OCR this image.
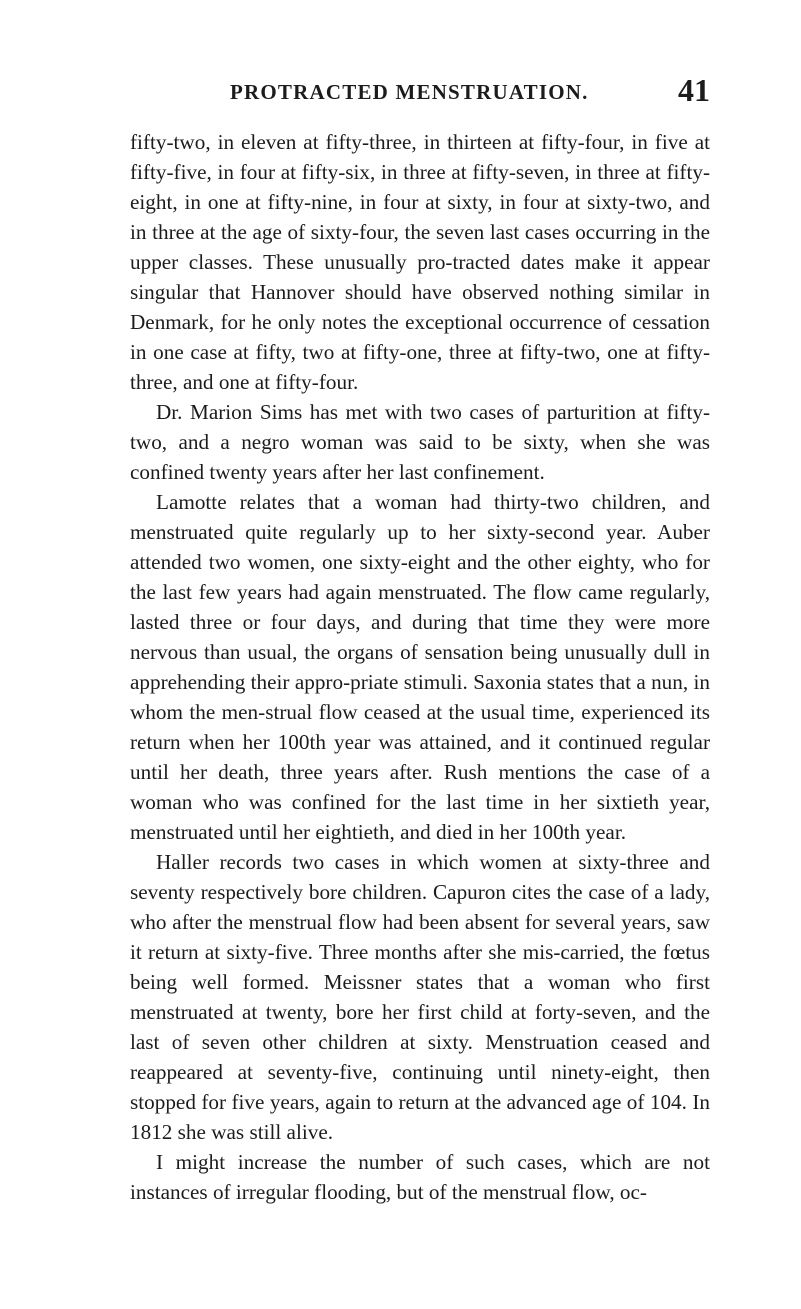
PROTRACTED MENSTRUATION.	41

fifty-two, in eleven at fifty-three, in thirteen at fifty-four, in five at fifty-five, in four at fifty-six, in three at fifty-seven, in three at fifty-eight, in one at fifty-nine, in four at sixty, in four at sixty-two, and in three at the age of sixty-four, the seven last cases occurring in the upper classes. These unusually pro-tracted dates make it appear singular that Hannover should have observed nothing similar in Denmark, for he only notes the exceptional occurrence of cessation in one case at fifty, two at fifty-one, three at fifty-two, one at fifty-three, and one at fifty-four.

Dr. Marion Sims has met with two cases of parturition at fifty-two, and a negro woman was said to be sixty, when she was confined twenty years after her last confinement.

Lamotte relates that a woman had thirty-two children, and menstruated quite regularly up to her sixty-second year. Auber attended two women, one sixty-eight and the other eighty, who for the last few years had again menstruated. The flow came regularly, lasted three or four days, and during that time they were more nervous than usual, the organs of sensation being unusually dull in apprehending their appro-priate stimuli. Saxonia states that a nun, in whom the men-strual flow ceased at the usual time, experienced its return when her 100th year was attained, and it continued regular until her death, three years after. Rush mentions the case of a woman who was confined for the last time in her sixtieth year, menstruated until her eightieth, and died in her 100th year.

Haller records two cases in which women at sixty-three and seventy respectively bore children. Capuron cites the case of a lady, who after the menstrual flow had been absent for several years, saw it return at sixty-five. Three months after she mis-carried, the fœtus being well formed. Meissner states that a woman who first menstruated at twenty, bore her first child at forty-seven, and the last of seven other children at sixty. Menstruation ceased and reappeared at seventy-five, continuing until ninety-eight, then stopped for five years, again to return at the advanced age of 104. In 1812 she was still alive.

I might increase the number of such cases, which are not instances of irregular flooding, but of the menstrual flow, oc-
